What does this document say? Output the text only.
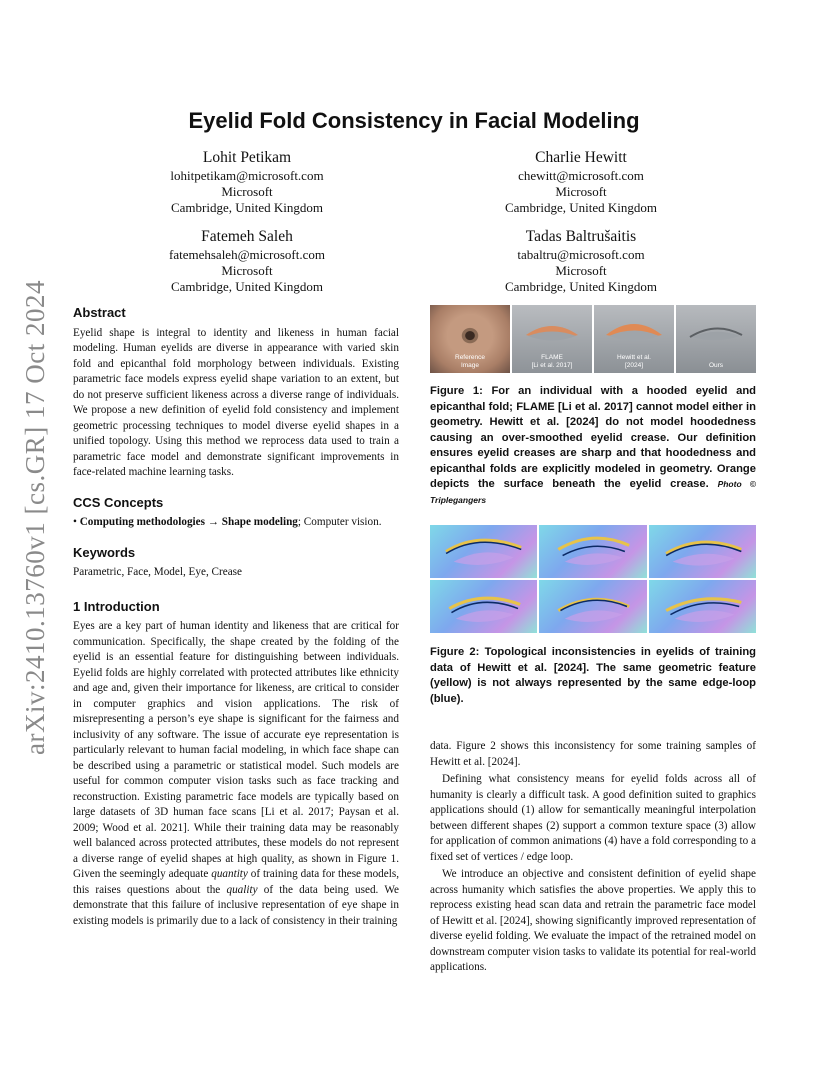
arXiv:2410.13760v1 [cs.GR] 17 Oct 2024
Eyelid Fold Consistency in Facial Modeling
Lohit Petikam
lohitpetikam@microsoft.com
Microsoft
Cambridge, United Kingdom
Charlie Hewitt
chewitt@microsoft.com
Microsoft
Cambridge, United Kingdom
Fatemeh Saleh
fatemehsaleh@microsoft.com
Microsoft
Cambridge, United Kingdom
Tadas Baltrušaitis
tabaltru@microsoft.com
Microsoft
Cambridge, United Kingdom
Abstract

Eyelid shape is integral to identity and likeness in human facial modeling. Human eyelids are diverse in appearance with varied skin fold and epicanthal fold morphology between individuals. Existing parametric face models express eyelid shape variation to an extent, but do not preserve sufficient likeness across a diverse range of individuals. We propose a new definition of eyelid fold consistency and implement geometric processing techniques to model diverse eyelid shapes in a unified topology. Using this method we reprocess data used to train a parametric face model and demonstrate significant improvements in face-related machine learning tasks.

CCS Concepts

• Computing methodologies → Shape modeling; Computer vision.

Keywords

Parametric, Face, Model, Eye, Crease

1 Introduction

Eyes are a key part of human identity and likeness that are critical for communication. Specifically, the shape created by the folding of the eyelid is an essential feature for distinguishing between individuals. Eyelid folds are highly correlated with protected attributes like ethnicity and age and, given their importance for likeness, are critical to consider in computer graphics and vision applications. The risk of misrepresenting a person’s eye shape is significant for the fairness and inclusivity of any software. The issue of accurate eye representation is particularly relevant to human facial modeling, in which face shape can be described using a parametric or statistical model. Such models are useful for common computer vision tasks such as face tracking and reconstruction. Existing parametric face models are typically based on large datasets of 3D human face scans [Li et al. 2017; Paysan et al. 2009; Wood et al. 2021]. While their training data may be reasonably well balanced across protected attributes, these models do not represent a diverse range of eyelid shapes at high quality, as shown in Figure 1. Given the seemingly adequate quantity of training data for these models, this raises questions about the quality of the data being used. We demonstrate that this failure of inclusive representation of eye shape in existing models is primarily due to a lack of consistency in their training

Reference
Image
FLAME
[Li et al. 2017]
Hewitt et al.
[2024]	Ours
Figure 1: For an individual with a hooded eyelid and epicanthal fold; FLAME [Li et al. 2017] cannot model either in geometry. Hewitt et al. [2024] do not model hoodedness causing an over-smoothed eyelid crease. Our definition ensures eyelid creases are sharp and that hoodedness and epicanthal folds are explicitly modeled in geometry. Orange depicts the surface beneath the eyelid crease. Photo © Triplegangers
Figure 2: Topological inconsistencies in eyelids of training data of Hewitt et al. [2024]. The same geometric feature (yellow) is not always represented by the same edge-loop (blue).

data. Figure 2 shows this inconsistency for some training samples of Hewitt et al. [2024].

Defining what consistency means for eyelid folds across all of humanity is clearly a difficult task. A good definition suited to graphics applications should (1) allow for semantically meaningful interpolation between different shapes (2) support a common texture space (3) allow for application of common animations (4) have a fold corresponding to a fixed set of vertices / edge loop.

We introduce an objective and consistent definition of eyelid shape across humanity which satisfies the above properties. We apply this to reprocess existing head scan data and retrain the parametric face model of Hewitt et al. [2024], showing significantly improved representation of diverse eyelid folding. We evaluate the impact of the retrained model on downstream computer vision tasks to validate its potential for real-world applications.
